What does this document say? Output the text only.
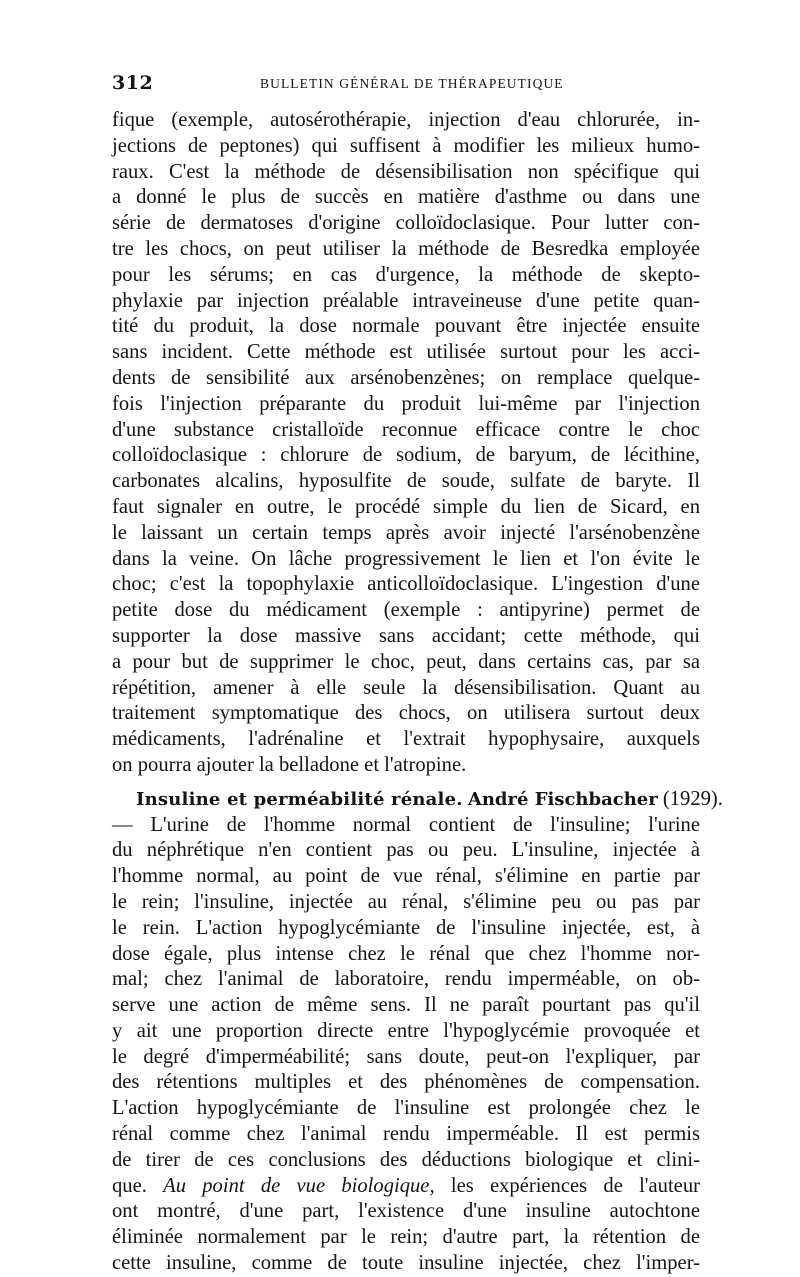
312	BULLETIN GÉNÉRAL DE THÉRAPEUTIQUE
fique (exemple, autosérothérapie, injection d'eau chlorurée, in-
jections de peptones) qui suffisent à modifier les milieux humo-
raux. C'est la méthode de désensibilisation non spécifique qui
a donné le plus de succès en matière d'asthme ou dans une
série de dermatoses d'origine colloïdoclasique. Pour lutter con-
tre les chocs, on peut utiliser la méthode de Besredka employée
pour les sérums; en cas d'urgence, la méthode de skepto-
phylaxie par injection préalable intraveineuse d'une petite quan-
tité du produit, la dose normale pouvant être injectée ensuite
sans incident. Cette méthode est utilisée surtout pour les acci-
dents de sensibilité aux arsénobenzènes; on remplace quelque-
fois l'injection préparante du produit lui-même par l'injection
d'une substance cristalloïde reconnue efficace contre le choc
colloïdoclasique : chlorure de sodium, de baryum, de lécithine,
carbonates alcalins, hyposulfite de soude, sulfate de baryte. Il
faut signaler en outre, le procédé simple du lien de Sicard, en
le laissant un certain temps après avoir injecté l'arsénobenzène
dans la veine. On lâche progressivement le lien et l'on évite le
choc; c'est la topophylaxie anticolloïdoclasique. L'ingestion d'une
petite dose du médicament (exemple : antipyrine) permet de
supporter la dose massive sans accidant; cette méthode, qui
a pour but de supprimer le choc, peut, dans certains cas, par sa
répétition, amener à elle seule la désensibilisation. Quant au
traitement symptomatique des chocs, on utilisera surtout deux
médicaments, l'adrénaline et l'extrait hypophysaire, auxquels
on pourra ajouter la belladone et l'atropine.
Insuline et perméabilité rénale. André Fischbacher (1929).
— L'urine de l'homme normal contient de l'insuline; l'urine
du néphrétique n'en contient pas ou peu. L'insuline, injectée à
l'homme normal, au point de vue rénal, s'élimine en partie par
le rein; l'insuline, injectée au rénal, s'élimine peu ou pas par
le rein. L'action hypoglycémiante de l'insuline injectée, est, à
dose égale, plus intense chez le rénal que chez l'homme nor-
mal; chez l'animal de laboratoire, rendu imperméable, on ob-
serve une action de même sens. Il ne paraît pourtant pas qu'il
y ait une proportion directe entre l'hypoglycémie provoquée et
le degré d'imperméabilité; sans doute, peut-on l'expliquer, par
des rétentions multiples et des phénomènes de compensation.
L'action hypoglycémiante de l'insuline est prolongée chez le
rénal comme chez l'animal rendu imperméable. Il est permis
de tirer de ces conclusions des déductions biologique et clini-
que. Au point de vue biologique, les expériences de l'auteur
ont montré, d'une part, l'existence d'une insuline autochtone
éliminée normalement par le rein; d'autre part, la rétention de
cette insuline, comme de toute insuline injectée, chez l'imper-
